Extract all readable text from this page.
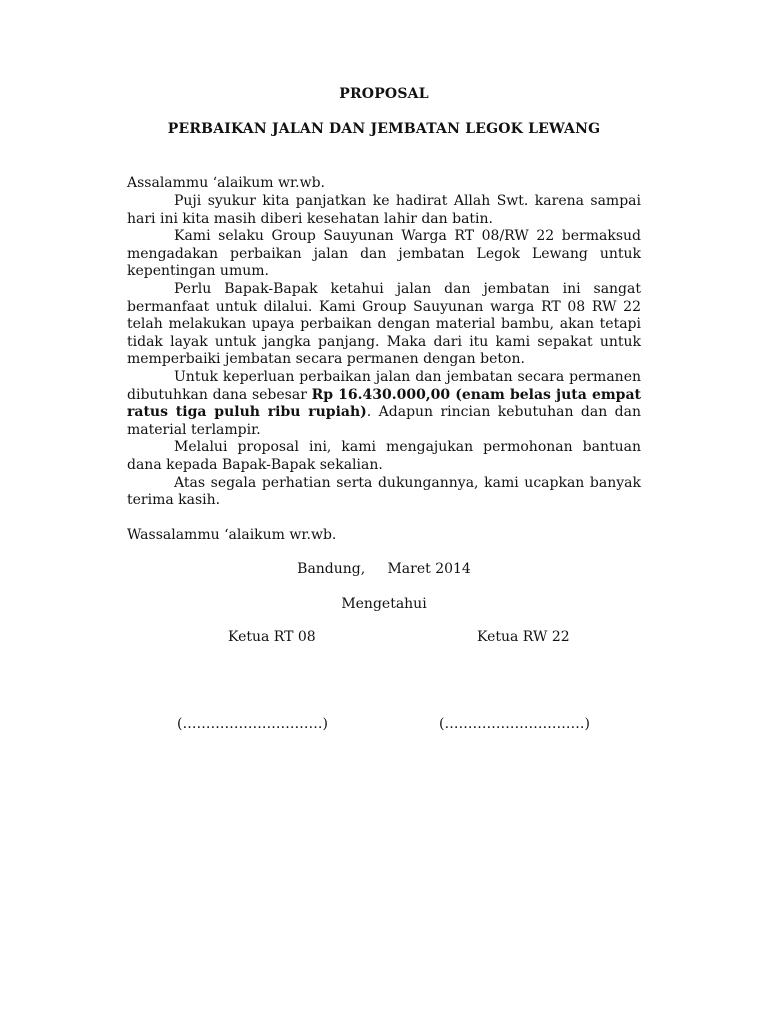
PROPOSAL
PERBAIKAN JALAN DAN JEMBATAN LEGOK LEWANG
Assalammu ‘alaikum wr.wb.

Puji syukur kita panjatkan ke hadirat Allah Swt. karena sampai hari ini kita masih diberi kesehatan lahir dan batin.

Kami selaku Group Sauyunan Warga RT 08/RW 22 bermaksud mengadakan perbaikan jalan dan jembatan Legok Lewang untuk kepentingan umum.

Perlu Bapak-Bapak ketahui jalan dan jembatan ini sangat bermanfaat untuk dilalui. Kami Group Sauyunan warga RT 08 RW 22 telah melakukan upaya perbaikan dengan material bambu, akan tetapi tidak layak untuk jangka panjang. Maka dari itu kami sepakat untuk memperbaiki jembatan secara permanen dengan beton.

Untuk keperluan perbaikan jalan dan jembatan secara permanen dibutuhkan dana sebesar Rp 16.430.000,00 (enam belas juta empat ratus tiga puluh ribu rupiah). Adapun rincian kebutuhan dan dan material terlampir.

Melalui proposal ini, kami mengajukan permohonan bantuan dana kepada Bapak-Bapak sekalian.

Atas segala perhatian serta dukungannya, kami ucapkan banyak terima kasih.

Wassalammu ‘alaikum wr.wb.
Bandung,     Maret 2014
Mengetahui
Ketua RT 08	Ketua RW 22
(…………………………)	(…………………………)
